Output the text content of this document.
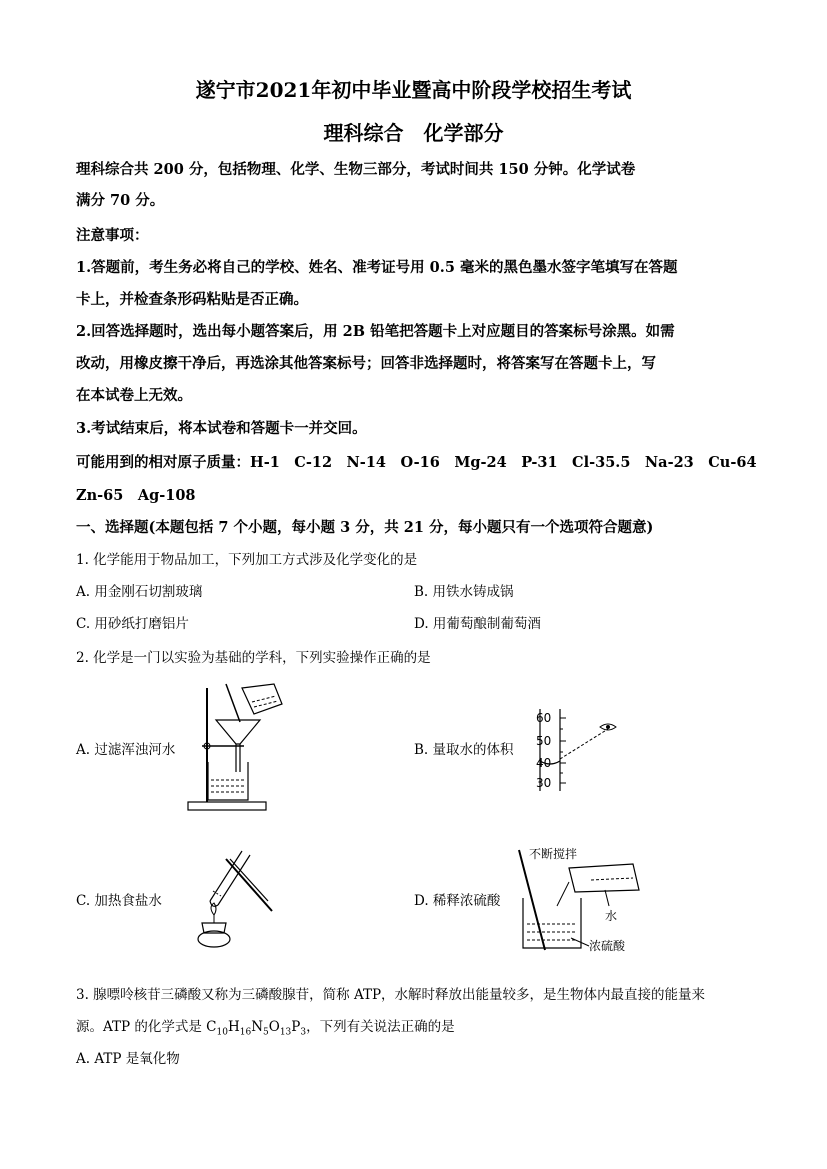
遂宁市2021年初中毕业暨高中阶段学校招生考试
理科综合　化学部分
理科综合共 200 分，包括物理、化学、生物三部分，考试时间共 150 分钟。化学试卷
满分 70 分。
注意事项：
1.答题前，考生务必将自己的学校、姓名、准考证号用 0.5 毫米的黑色墨水签字笔填写在答题
卡上，并检查条形码粘贴是否正确。
2.回答选择题时，选出每小题答案后，用 2B 铅笔把答题卡上对应题目的答案标号涂黑。如需
改动，用橡皮擦干净后，再选涂其他答案标号；回答非选择题时，将答案写在答题卡上，写
在本试卷上无效。
3.考试结束后，将本试卷和答题卡一并交回。
可能用到的相对原子质量：H-1　C-12　N-14　O-16　Mg-24　P-31　Cl-35.5　Na-23　Cu-64
Zn-65　Ag-108
一、选择题(本题包括 7 个小题，每小题 3 分，共 21 分，每小题只有一个选项符合题意)
1. 化学能用于物品加工，下列加工方式涉及化学变化的是
A. 用金刚石切割玻璃	B. 用铁水铸成锅
C. 用砂纸打磨铝片	D. 用葡萄酿制葡萄酒
2. 化学是一门以实验为基础的学科，下列实验操作正确的是
A. 过滤浑浊河水	B. 量取水的体积
C. 加热食盐水	D. 稀释浓硫酸
60
50
40
30
不断搅拌
水
浓硫酸
3. 腺嘌呤核苷三磷酸又称为三磷酸腺苷，简称 ATP，水解时释放出能量较多，是生物体内最直接的能量来
源。ATP 的化学式是 $C_{10}H_{16}N_5O_{13}P_3$，下列有关说法正确的是
A. ATP 是氧化物
